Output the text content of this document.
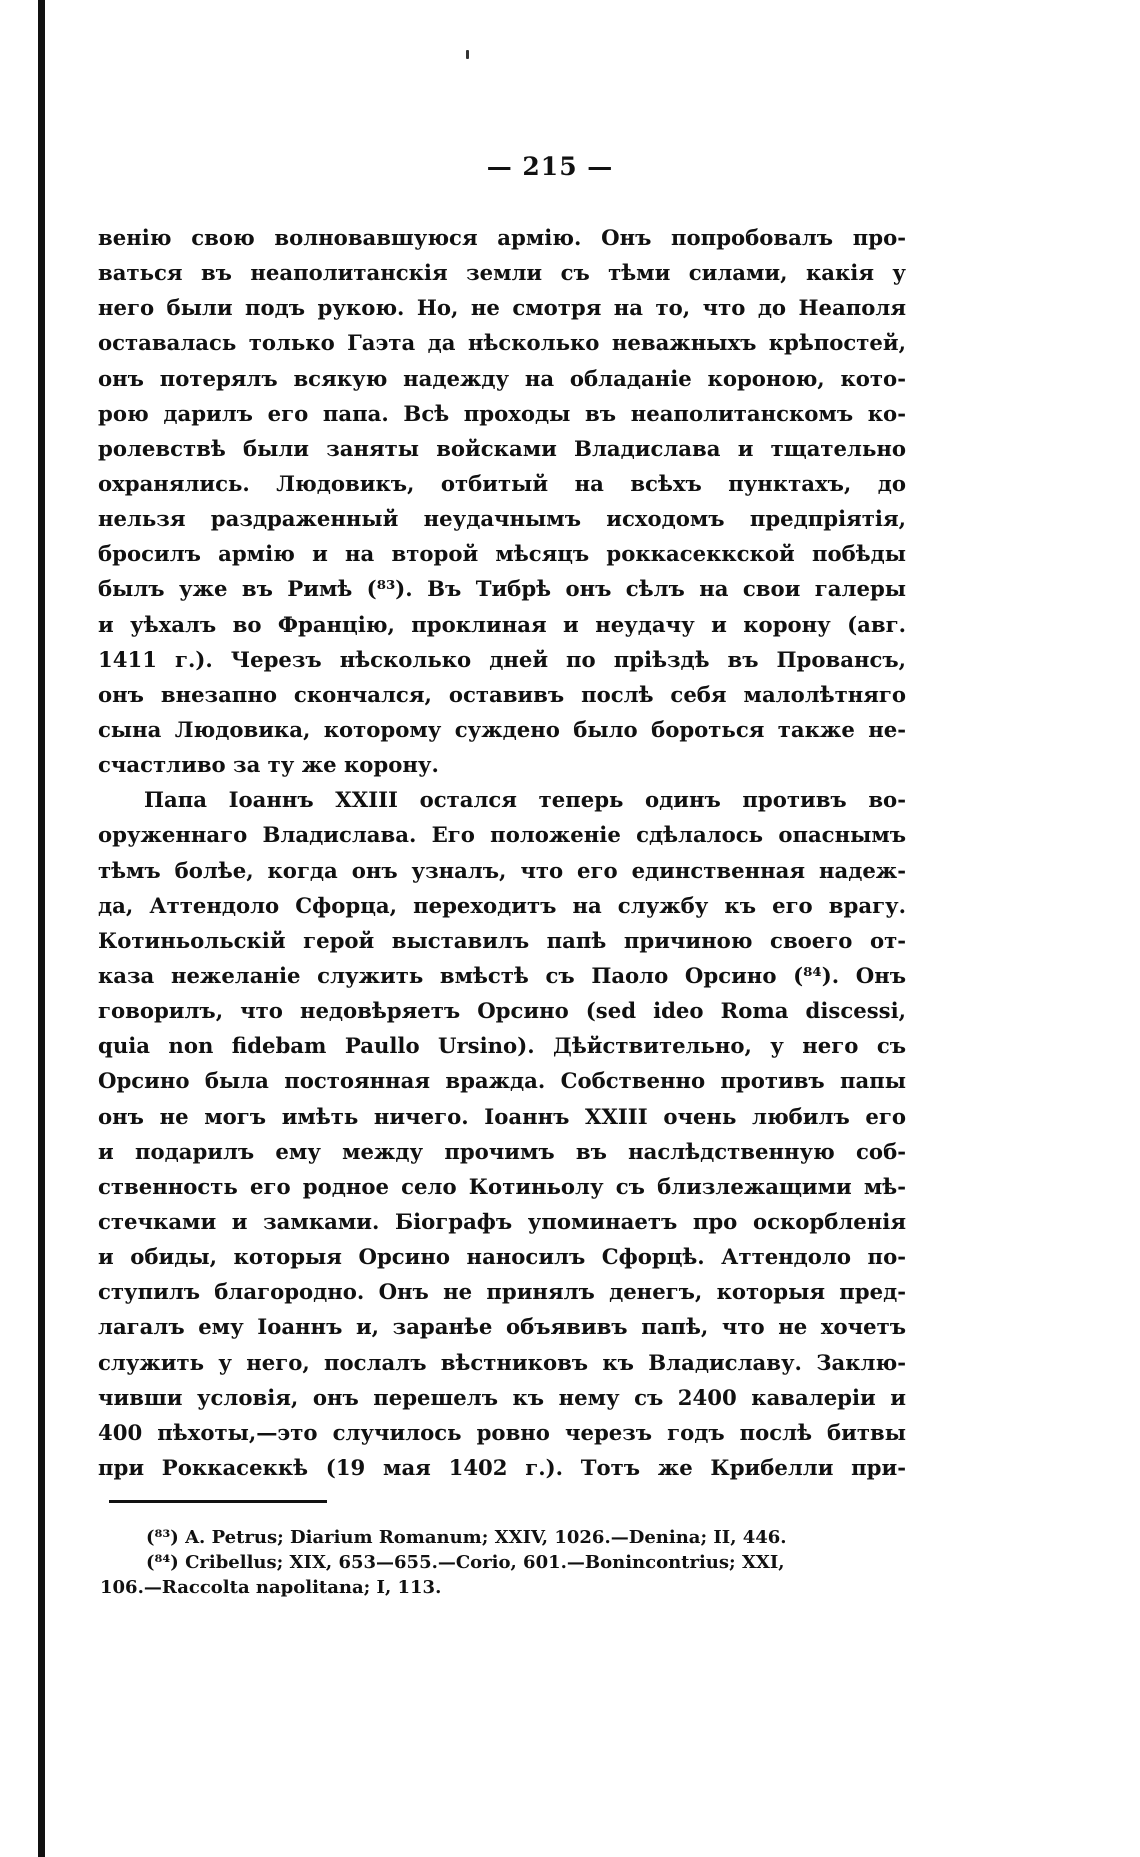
— 215 —
венію свою волновавшуюся армію. Онъ попробовалъ про-
ваться въ неаполитанскія земли съ тѣми силами, какія у
него были подъ рукою. Но, не смотря на то, что до Неаполя
оставалась только Гаэта да нѣсколько неважныхъ крѣпостей,
онъ потерялъ всякую надежду на обладаніе короною, кото-
рою дарилъ его папа. Всѣ проходы въ неаполитанскомъ ко-
ролевствѣ были заняты войсками Владислава и тщательно
охранялись. Людовикъ, отбитый на всѣхъ пунктахъ, до
нельзя раздраженный неудачнымъ исходомъ предпріятія,
бросилъ армію и на второй мѣсяцъ роккасеккской побѣды
былъ уже въ Римѣ (⁸³). Въ Тибрѣ онъ сѣлъ на свои галеры
и уѣхалъ во Францію, проклиная и неудачу и корону (авг.
1411 г.). Черезъ нѣсколько дней по пріѣздѣ въ Провансъ,
онъ внезапно скончался, оставивъ послѣ себя малолѣтняго
сына Людовика, которому суждено было бороться также не-
счастливо за ту же корону.
Папа Іоаннъ XXIII остался теперь одинъ противъ во-
оруженнаго Владислава. Его положеніе сдѣлалось опаснымъ
тѣмъ болѣе, когда онъ узналъ, что его единственная надеж-
да, Аттендоло Сфорца, переходитъ на службу къ его врагу.
Котиньольскій герой выставилъ папѣ причиною своего от-
каза нежеланіе служить вмѣстѣ съ Паоло Орсино (⁸⁴). Онъ
говорилъ, что недовѣряетъ Орсино (sed ideo Roma discessi,
quia non fidebam Paullo Ursino). Дѣйствительно, у него съ
Орсино была постоянная вражда. Собственно противъ папы
онъ не могъ имѣть ничего. Іоаннъ XXIII очень любилъ его
и подарилъ ему между прочимъ въ наслѣдственную соб-
ственность его родное село Котиньолу съ близлежащими мѣ-
стечками и замками. Біографъ упоминаетъ про оскорбленія
и обиды, которыя Орсино наносилъ Сфорцѣ. Аттендоло по-
ступилъ благородно. Онъ не принялъ денегъ, которыя пред-
лагалъ ему Іоаннъ и, заранѣе объявивъ папѣ, что не хочетъ
служить у него, послалъ вѣстниковъ къ Владиславу. Заклю-
чивши условія, онъ перешелъ къ нему съ 2400 кавалеріи и
400 пѣхоты,—это случилось ровно черезъ годъ послѣ битвы
при Роккасеккѣ (19 мая 1402 г.). Тотъ же Крибелли при-
(⁸³) A. Petrus; Diarium Romanum; XXIV, 1026.—Denina; II, 446.
(⁸⁴) Cribellus; XIX, 653—655.—Corio, 601.—Bonincontrius; XXI,
106.—Raccolta napolitana; I, 113.
